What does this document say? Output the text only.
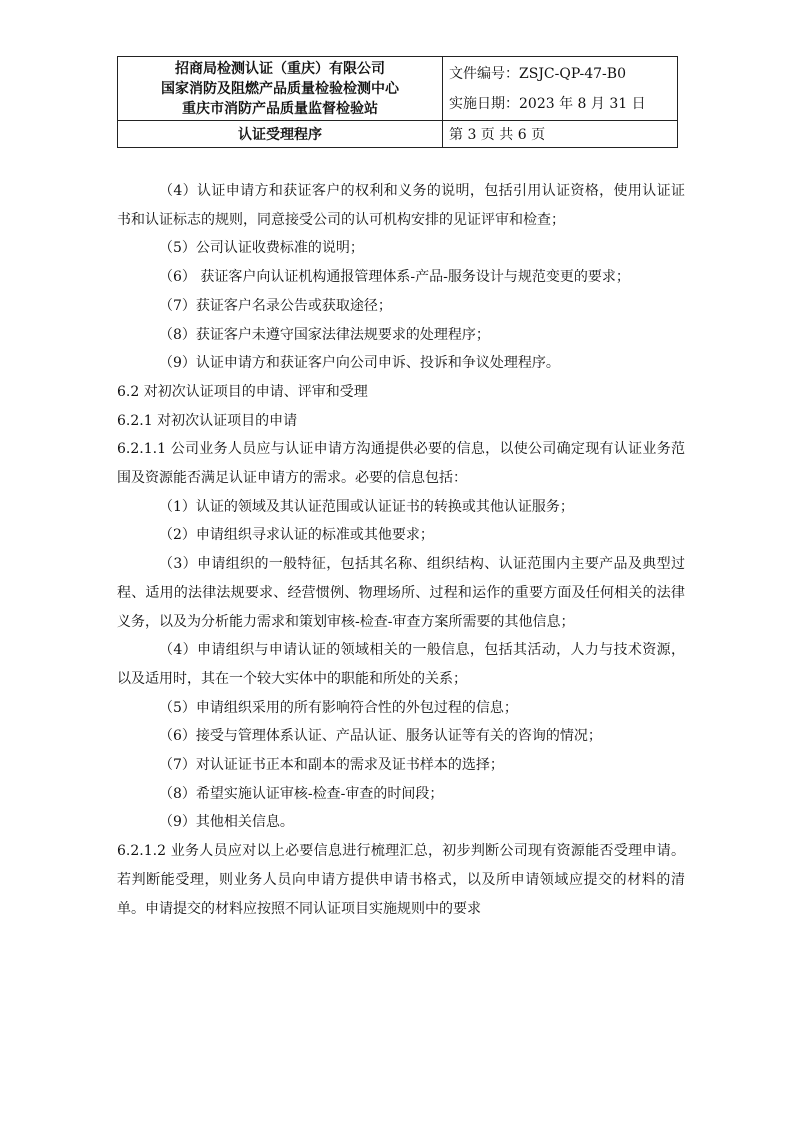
招商局检测认证（重庆）有限公司
国家消防及阻燃产品质量检验检测中心
重庆市消防产品质量监督检验站	文件编号：ZSJC-QP-47-B0
实施日期：2023 年 8 月 31 日

认证受理程序	第 3 页 共 6 页

（4）认证申请方和获证客户的权利和义务的说明，包括引用认证资格，使用认证证书和认证标志的规则，同意接受公司的认可机构安排的见证评审和检查；

（5）公司认证收费标准的说明；

（6） 获证客户向认证机构通报管理体系-产品-服务设计与规范变更的要求；

（7）获证客户名录公告或获取途径；

（8）获证客户未遵守国家法律法规要求的处理程序；

（9）认证申请方和获证客户向公司申诉、投诉和争议处理程序。

6.2 对初次认证项目的申请、评审和受理

6.2.1 对初次认证项目的申请

6.2.1.1 公司业务人员应与认证申请方沟通提供必要的信息，以使公司确定现有认证业务范围及资源能否满足认证申请方的需求。必要的信息包括：

（1）认证的领域及其认证范围或认证证书的转换或其他认证服务；

（2）申请组织寻求认证的标准或其他要求；

（3）申请组织的一般特征，包括其名称、组织结构、认证范围内主要产品及典型过程、适用的法律法规要求、经营惯例、物理场所、过程和运作的重要方面及任何相关的法律义务，以及为分析能力需求和策划审核-检查-审查方案所需要的其他信息；

（4）申请组织与申请认证的领域相关的一般信息，包括其活动，人力与技术资源，以及适用时，其在一个较大实体中的职能和所处的关系；

（5）申请组织采用的所有影响符合性的外包过程的信息；

（6）接受与管理体系认证、产品认证、服务认证等有关的咨询的情况；

（7）对认证证书正本和副本的需求及证书样本的选择；

（8）希望实施认证审核-检查-审查的时间段；

（9）其他相关信息。

6.2.1.2 业务人员应对以上必要信息进行梳理汇总，初步判断公司现有资源能否受理申请。若判断能受理，则业务人员向申请方提供申请书格式，以及所申请领域应提交的材料的清单。申请提交的材料应按照不同认证项目实施规则中的要求
